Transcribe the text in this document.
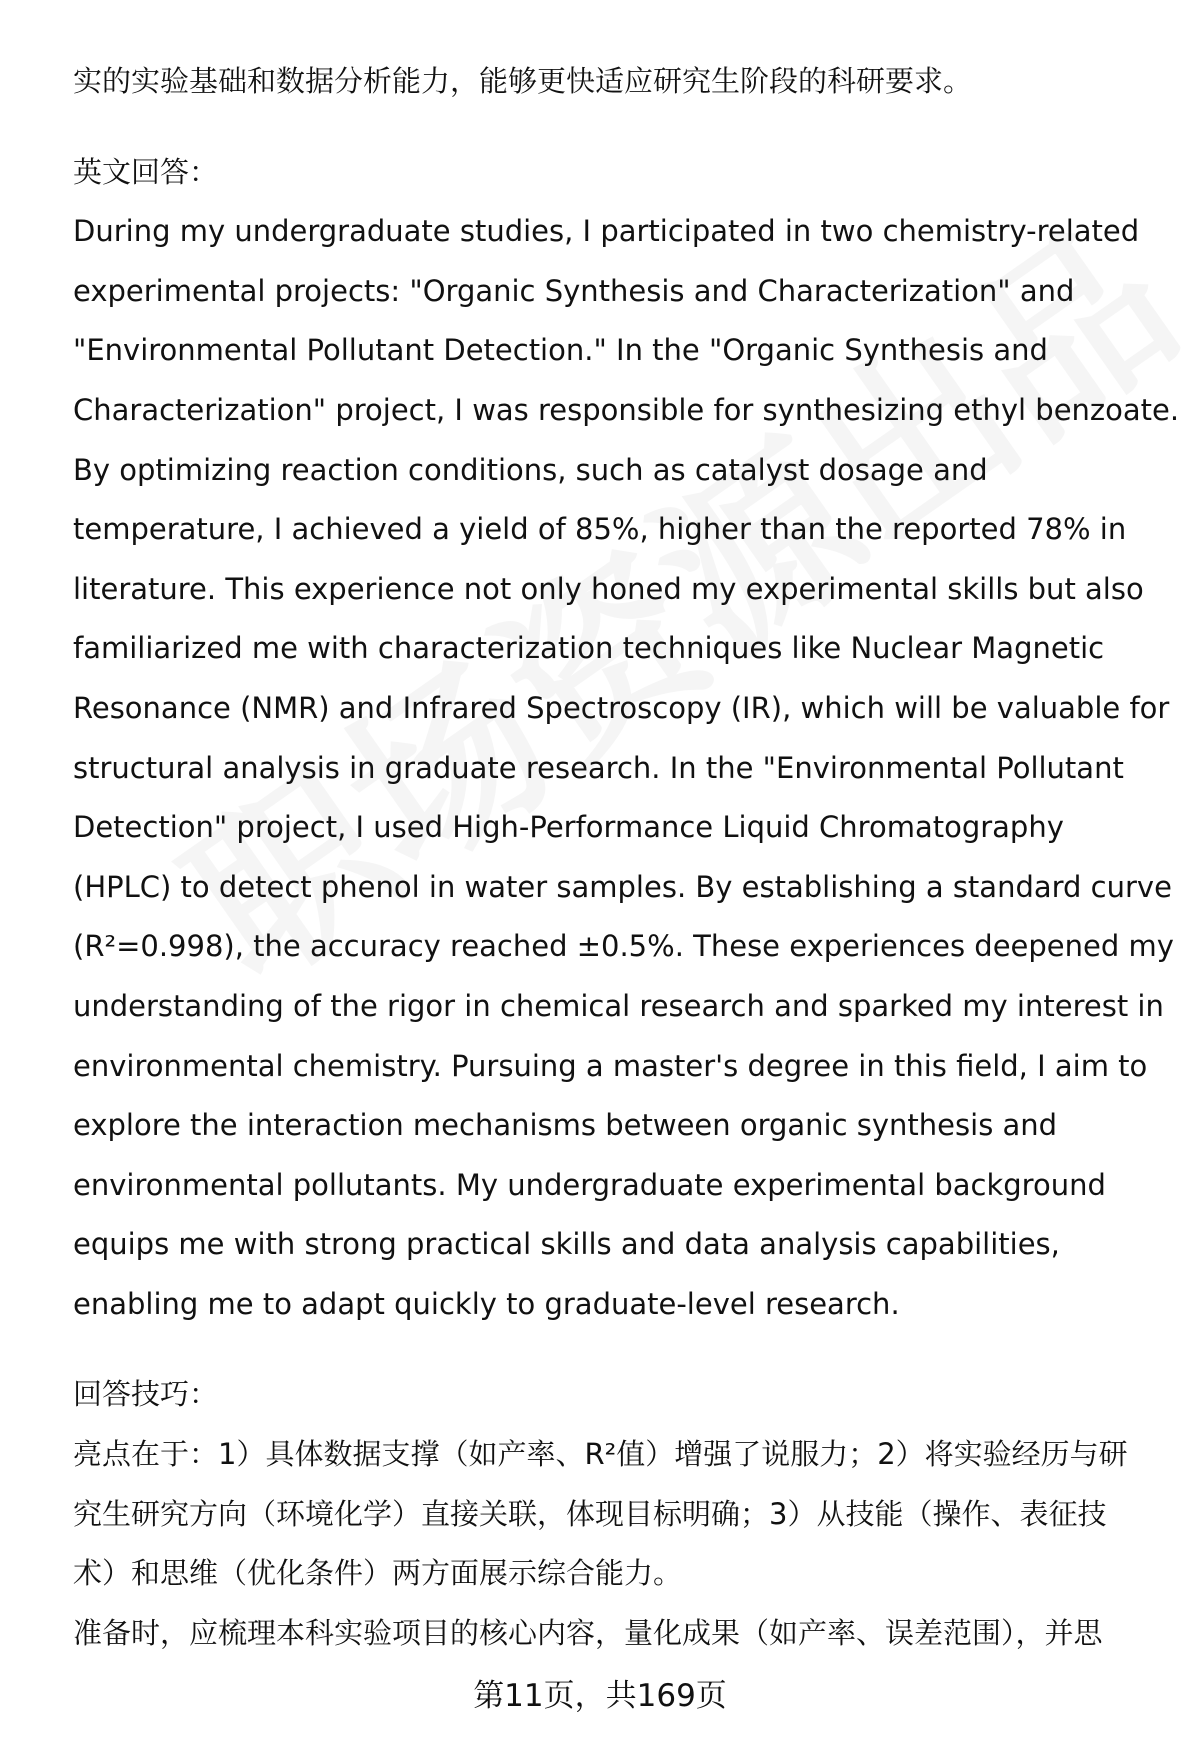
实的实验基础和数据分析能力，能够更快适应研究生阶段的科研要求。
英文回答：
During my undergraduate studies, I participated in two chemistry-related
experimental projects: "Organic Synthesis and Characterization" and
"Environmental Pollutant Detection." In the "Organic Synthesis and
Characterization" project, I was responsible for synthesizing ethyl benzoate.
By optimizing reaction conditions, such as catalyst dosage and
temperature, I achieved a yield of 85%, higher than the reported 78% in
literature. This experience not only honed my experimental skills but also
familiarized me with characterization techniques like Nuclear Magnetic
Resonance (NMR) and Infrared Spectroscopy (IR), which will be valuable for
structural analysis in graduate research. In the "Environmental Pollutant
Detection" project, I used High-Performance Liquid Chromatography
(HPLC) to detect phenol in water samples. By establishing a standard curve
(R²=0.998), the accuracy reached ±0.5%. These experiences deepened my
understanding of the rigor in chemical research and sparked my interest in
environmental chemistry. Pursuing a master's degree in this field, I aim to
explore the interaction mechanisms between organic synthesis and
environmental pollutants. My undergraduate experimental background
equips me with strong practical skills and data analysis capabilities,
enabling me to adapt quickly to graduate-level research.
回答技巧：
亮点在于：1）具体数据支撑（如产率、R²值）增强了说服力；2）将实验经历与研
究生研究方向（环境化学）直接关联，体现目标明确；3）从技能（操作、表征技
术）和思维（优化条件）两方面展示综合能力。
准备时，应梳理本科实验项目的核心内容，量化成果（如产率、误差范围），并思
第11页，共169页
